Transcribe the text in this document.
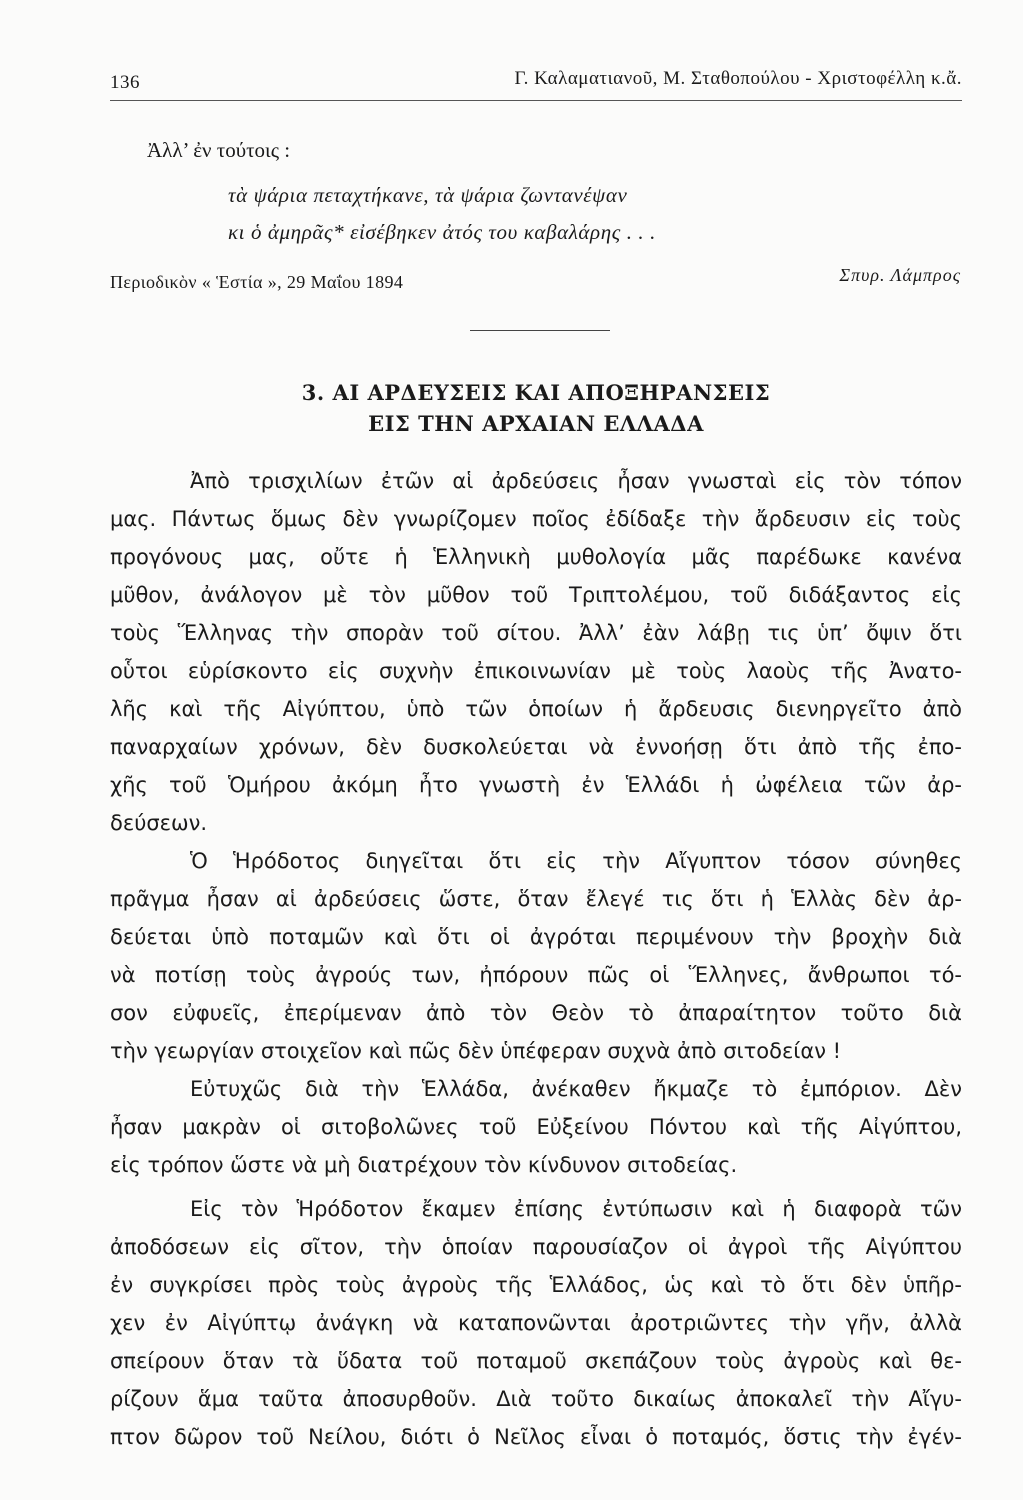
136	Γ. Καλαματιανοῦ, Μ. Σταθοπούλου - Χριστοφέλλη κ.ἄ.
Ἀλλ’ ἐν τούτοις :
τὰ ψάρια πεταχτήκανε, τὰ ψάρια ζωντανέψαν
κι ὁ ἀμηρᾶς* εἰσέβηκεν ἀτός του καβαλάρης . . .
Περιοδικὸν « Ἑστία », 29 Μαΐου 1894	Σπυρ. Λάμπρος
3. ΑΙ ΑΡΔΕΥΣΕΙΣ ΚΑΙ ΑΠΟΞΗΡΑΝΣΕΙΣ
ΕΙΣ ΤΗΝ ΑΡΧΑΙΑΝ ΕΛΛΑΔΑ
Ἀπὸ τρισχιλίων ἐτῶν αἱ ἀρδεύσεις ἦσαν γνωσταὶ εἰς τὸν τόπον
μας. Πάντως ὅμως δὲν γνωρίζομεν ποῖος ἐδίδαξε τὴν ἄρδευσιν εἰς τοὺς
προγόνους μας, οὔτε ἡ Ἑλληνικὴ μυθολογία μᾶς παρέδωκε κανένα
μῦθον, ἀνάλογον μὲ τὸν μῦθον τοῦ Τριπτολέμου, τοῦ διδάξαντος εἰς
τοὺς Ἕλληνας τὴν σπορὰν τοῦ σίτου. Ἀλλ’ ἐὰν λάβῃ τις ὑπ’ ὄψιν ὅτι
οὗτοι εὑρίσκοντο εἰς συχνὴν ἐπικοινωνίαν μὲ τοὺς λαοὺς τῆς Ἀνατο-
λῆς καὶ τῆς Αἰγύπτου, ὑπὸ τῶν ὁποίων ἡ ἄρδευσις διενηργεῖτο ἀπὸ
παναρχαίων χρόνων, δὲν δυσκολεύεται νὰ ἐννοήσῃ ὅτι ἀπὸ τῆς ἐπο-
χῆς τοῦ Ὁμήρου ἀκόμη ἦτο γνωστὴ ἐν Ἑλλάδι ἡ ὠφέλεια τῶν ἀρ-
δεύσεων.
Ὁ Ἡρόδοτος διηγεῖται ὅτι εἰς τὴν Αἴγυπτον τόσον σύνηθες
πρᾶγμα ἦσαν αἱ ἀρδεύσεις ὥστε, ὅταν ἔλεγέ τις ὅτι ἡ Ἑλλὰς δὲν ἀρ-
δεύεται ὑπὸ ποταμῶν καὶ ὅτι οἱ ἀγρόται περιμένουν τὴν βροχὴν διὰ
νὰ ποτίσῃ τοὺς ἀγρούς των, ἠπόρουν πῶς οἱ Ἕλληνες, ἄνθρωποι τό-
σον εὐφυεῖς, ἐπερίμεναν ἀπὸ τὸν Θεὸν τὸ ἀπαραίτητον τοῦτο διὰ
τὴν γεωργίαν στοιχεῖον καὶ πῶς δὲν ὑπέφεραν συχνὰ ἀπὸ σιτοδείαν !
Εὐτυχῶς διὰ τὴν Ἑλλάδα, ἀνέκαθεν ἤκμαζε τὸ ἐμπόριον. Δὲν
ἦσαν μακρὰν οἱ σιτοβολῶνες τοῦ Εὐξείνου Πόντου καὶ τῆς Αἰγύπτου,
εἰς τρόπον ὥστε νὰ μὴ διατρέχουν τὸν κίνδυνον σιτοδείας.
Εἰς τὸν Ἡρόδοτον ἔκαμεν ἐπίσης ἐντύπωσιν καὶ ἡ διαφορὰ τῶν
ἀποδόσεων εἰς σῖτον, τὴν ὁποίαν παρουσίαζον οἱ ἀγροὶ τῆς Αἰγύπτου
ἐν συγκρίσει πρὸς τοὺς ἀγροὺς τῆς Ἑλλάδος, ὡς καὶ τὸ ὅτι δὲν ὑπῆρ-
χεν ἐν Αἰγύπτῳ ἀνάγκη νὰ καταπονῶνται ἀροτριῶντες τὴν γῆν, ἀλλὰ
σπείρουν ὅταν τὰ ὕδατα τοῦ ποταμοῦ σκεπάζουν τοὺς ἀγροὺς καὶ θε-
ρίζουν ἅμα ταῦτα ἀποσυρθοῦν. Διὰ τοῦτο δικαίως ἀποκαλεῖ τὴν Αἴγυ-
πτον δῶρον τοῦ Νείλου, διότι ὁ Νεῖλος εἶναι ὁ ποταμός, ὅστις τὴν ἐγέν-
